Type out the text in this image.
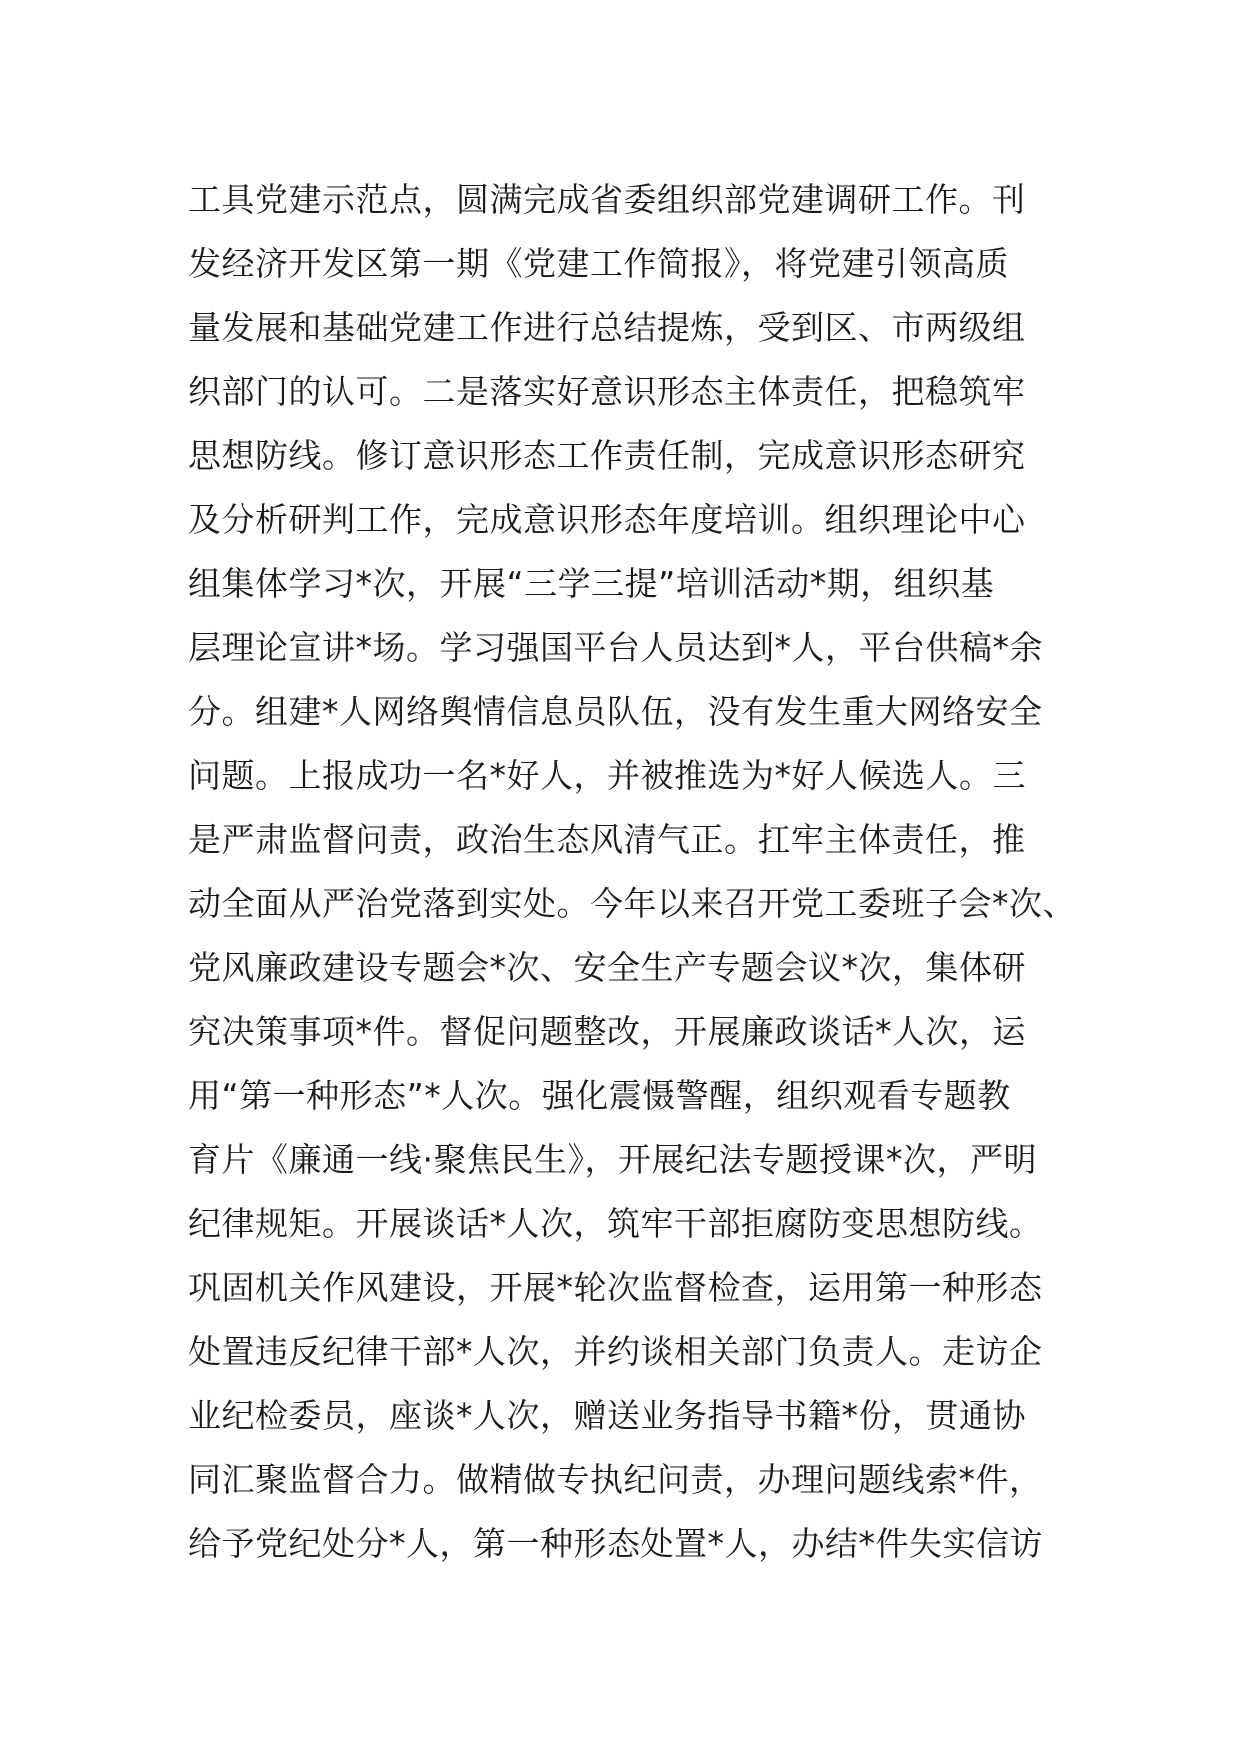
工具党建示范点，圆满完成省委组织部党建调研工作。刊
发经济开发区第一期《党建工作简报》，将党建引领高质
量发展和基础党建工作进行总结提炼，受到区、市两级组
织部门的认可。二是落实好意识形态主体责任，把稳筑牢
思想防线。修订意识形态工作责任制，完成意识形态研究
及分析研判工作，完成意识形态年度培训。组织理论中心
组集体学习*次，开展“三学三提”培训活动*期，组织基
层理论宣讲*场。学习强国平台人员达到*人，平台供稿*余
分。组建*人网络舆情信息员队伍，没有发生重大网络安全
问题。上报成功一名*好人，并被推选为*好人候选人。三
是严肃监督问责，政治生态风清气正。扛牢主体责任，推
动全面从严治党落到实处。今年以来召开党工委班子会*次、
党风廉政建设专题会*次、安全生产专题会议*次，集体研
究决策事项*件。督促问题整改，开展廉政谈话*人次，运
用“第一种形态”*人次。强化震慑警醒，组织观看专题教
育片《廉通一线·聚焦民生》，开展纪法专题授课*次，严明
纪律规矩。开展谈话*人次，筑牢干部拒腐防变思想防线。
巩固机关作风建设，开展*轮次监督检查，运用第一种形态
处置违反纪律干部*人次，并约谈相关部门负责人。走访企
业纪检委员，座谈*人次，赠送业务指导书籍*份，贯通协
同汇聚监督合力。做精做专执纪问责，办理问题线索*件，
给予党纪处分*人，第一种形态处置*人，办结*件失实信访
